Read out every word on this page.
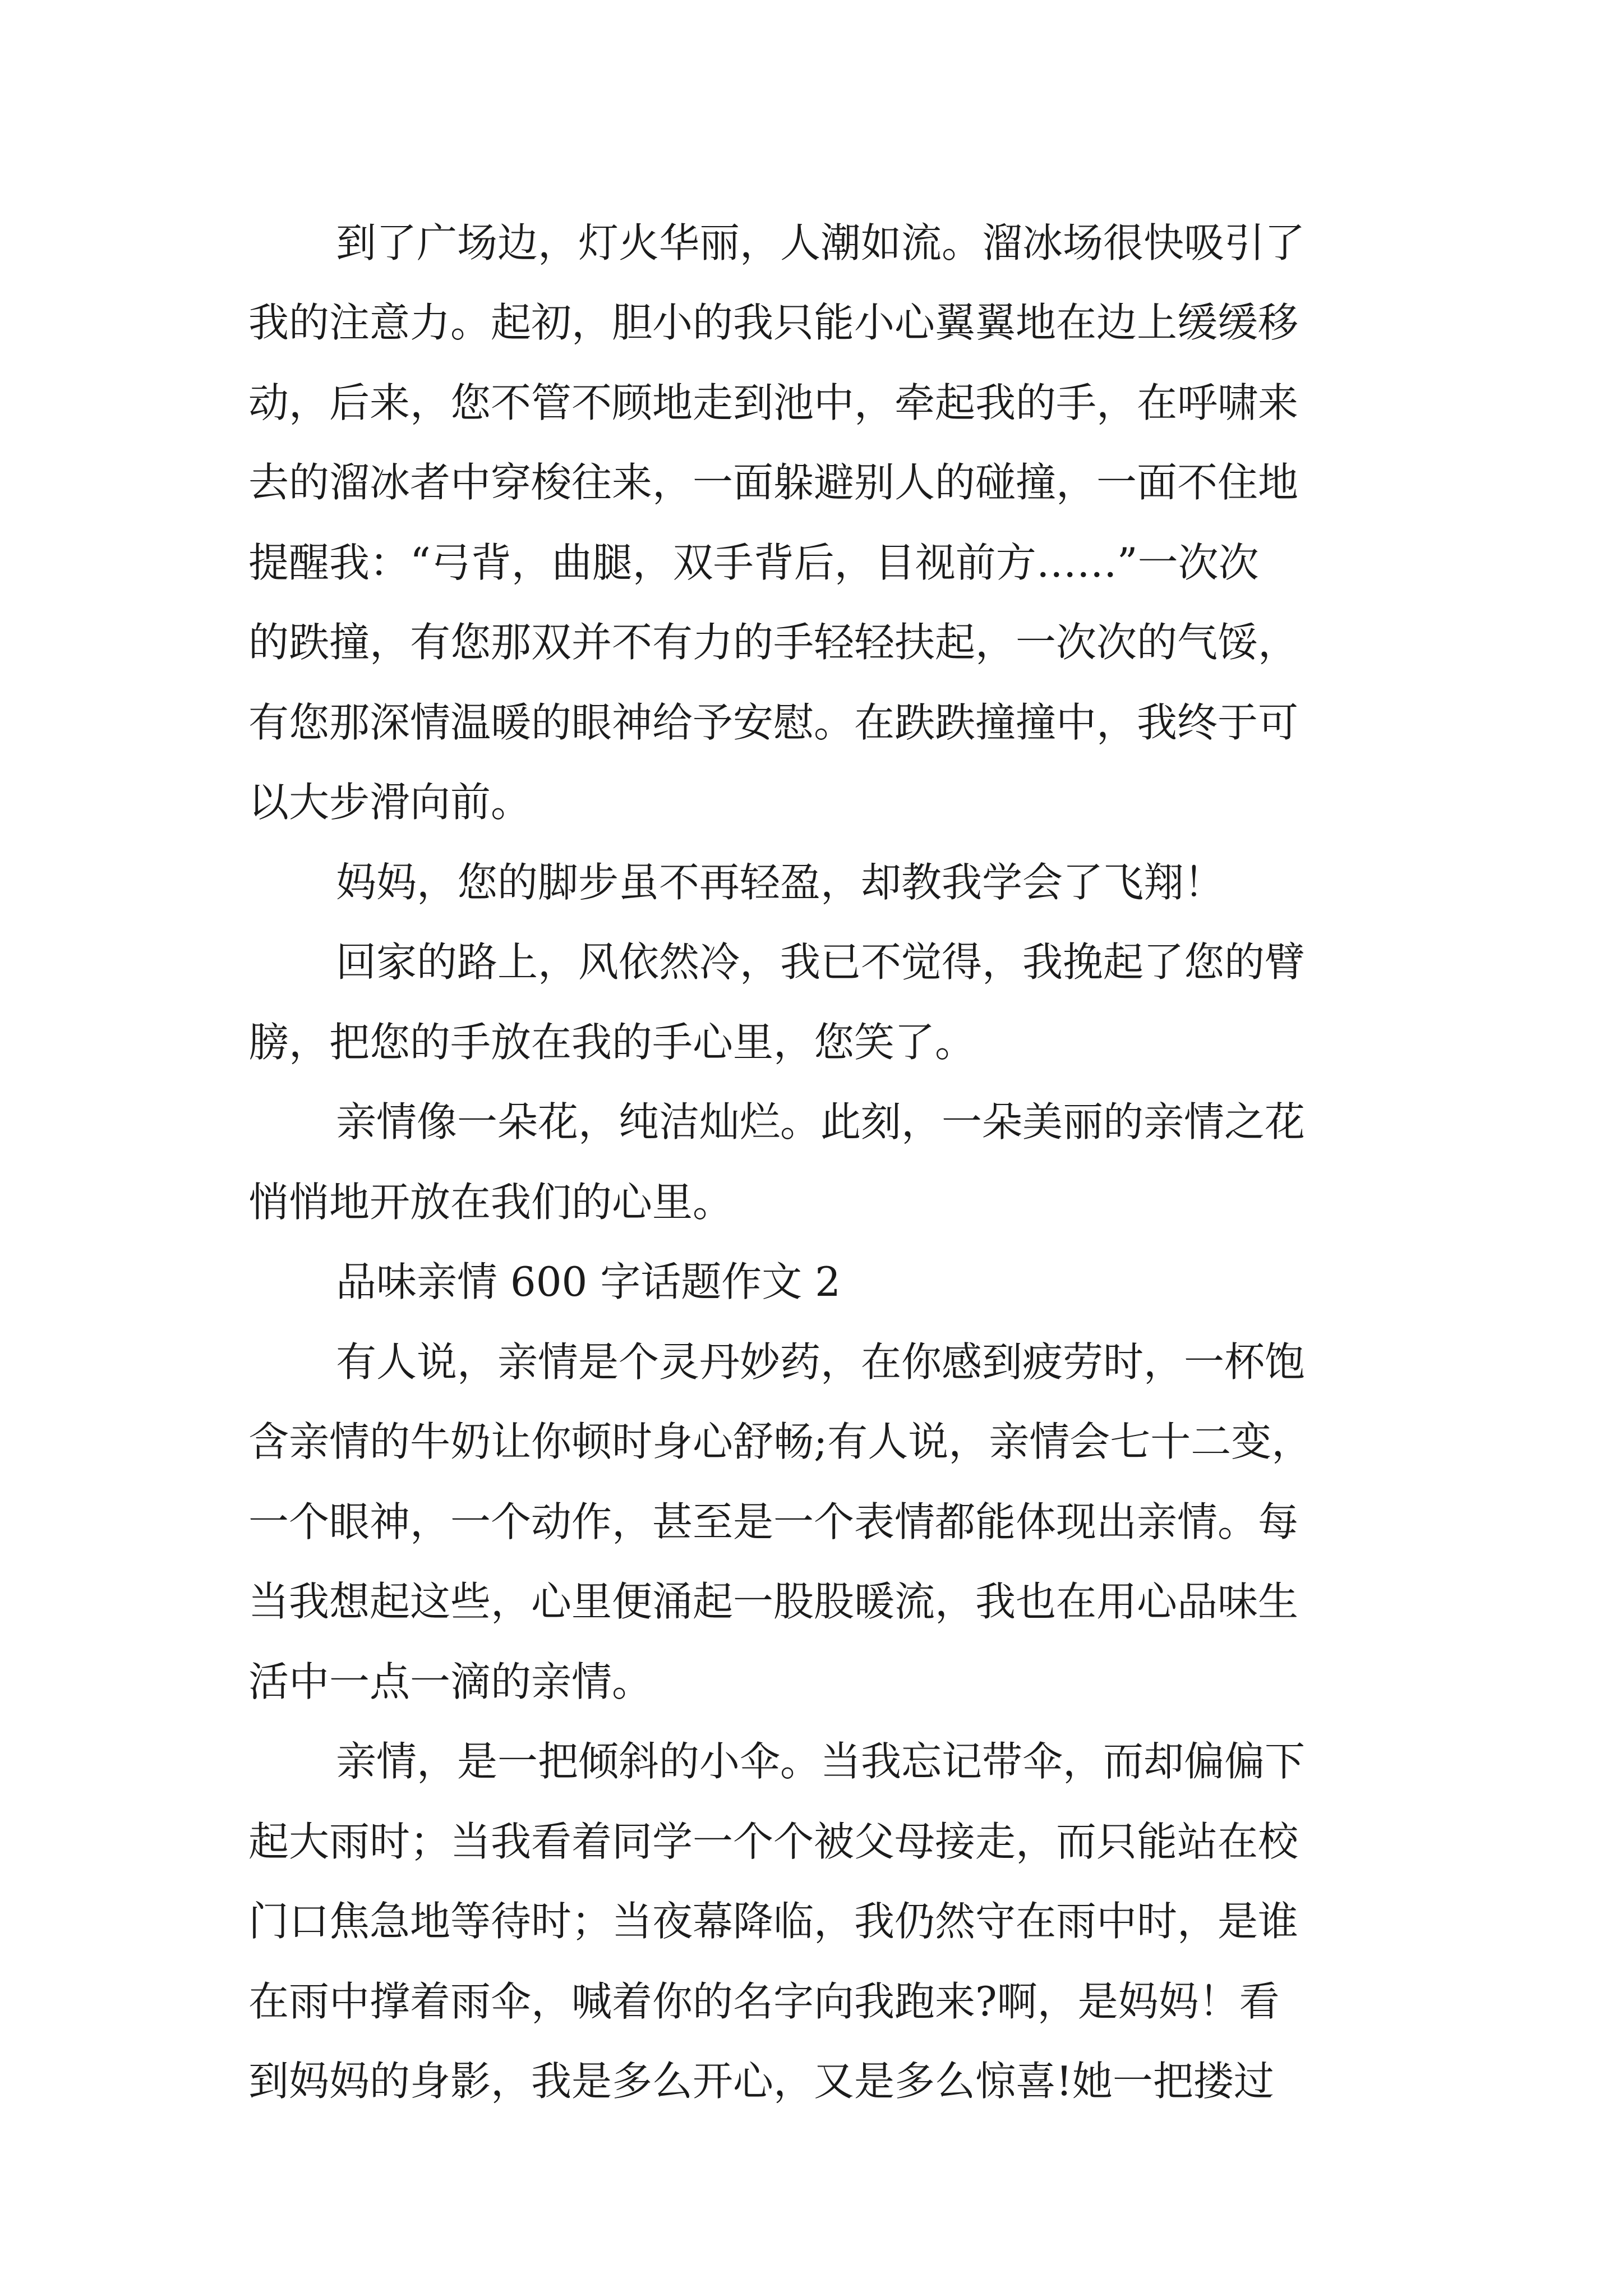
到了广场边，灯火华丽，人潮如流。溜冰场很快吸引了

我的注意力。起初，胆小的我只能小心翼翼地在边上缓缓移

动，后来，您不管不顾地走到池中，牵起我的手，在呼啸来

去的溜冰者中穿梭往来，一面躲避别人的碰撞，一面不住地

提醒我：“弓背，曲腿，双手背后，目视前方……”一次次

的跌撞，有您那双并不有力的手轻轻扶起，一次次的气馁，

有您那深情温暖的眼神给予安慰。在跌跌撞撞中，我终于可

以大步滑向前。

妈妈，您的脚步虽不再轻盈，却教我学会了飞翔！

回家的路上，风依然冷，我已不觉得，我挽起了您的臂

膀，把您的手放在我的手心里，您笑了。

亲情像一朵花，纯洁灿烂。此刻，一朵美丽的亲情之花

悄悄地开放在我们的心里。

品味亲情 600 字话题作文 2

有人说，亲情是个灵丹妙药，在你感到疲劳时，一杯饱

含亲情的牛奶让你顿时身心舒畅;有人说，亲情会七十二变，

一个眼神，一个动作，甚至是一个表情都能体现出亲情。每

当我想起这些，心里便涌起一股股暖流，我也在用心品味生

活中一点一滴的亲情。

亲情，是一把倾斜的小伞。当我忘记带伞，而却偏偏下

起大雨时；当我看着同学一个个被父母接走，而只能站在校

门口焦急地等待时；当夜幕降临，我仍然守在雨中时，是谁

在雨中撑着雨伞，喊着你的名字向我跑来?啊，是妈妈！看

到妈妈的身影，我是多么开心，又是多么惊喜!她一把搂过
